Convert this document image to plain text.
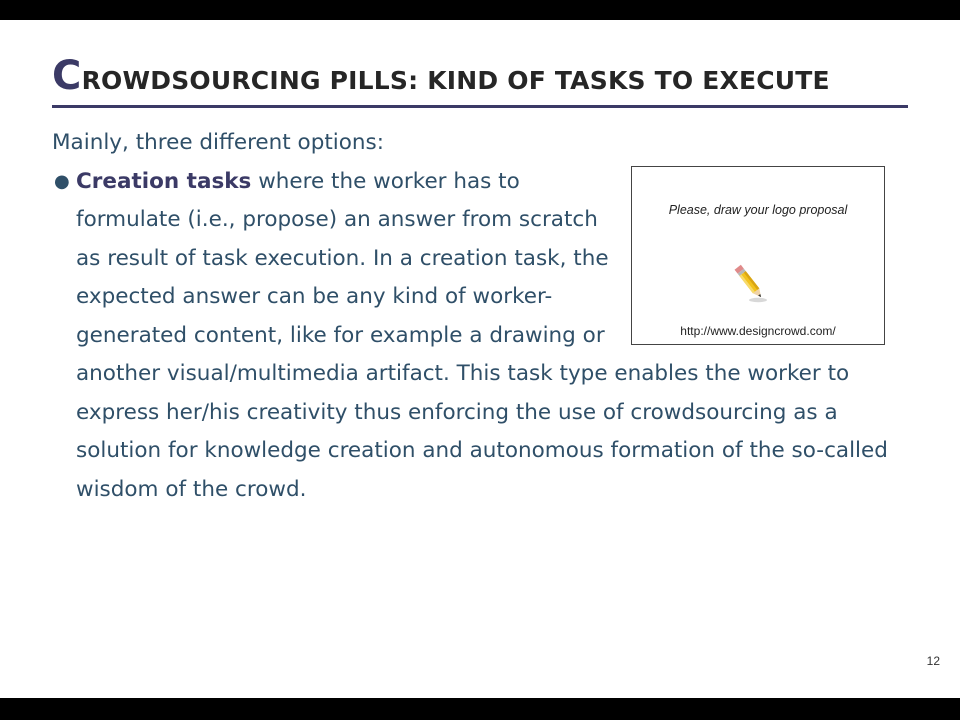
CROWDSOURCING PILLS: KIND OF TASKS TO EXECUTE

Mainly, three different options:

●
Please, draw your logo proposal
http://www.designcrowd.com/
Creation tasks where the worker has to formulate (i.e., propose) an answer from scratch as result of task execution. In a creation task, the expected answer can be any kind of worker-generated content, like for example a drawing or another visual/multimedia artifact. This task type enables the worker to express her/his creativity thus enforcing the use of crowdsourcing as a solution for knowledge creation and autonomous formation of the so-called wisdom of the crowd.
12
